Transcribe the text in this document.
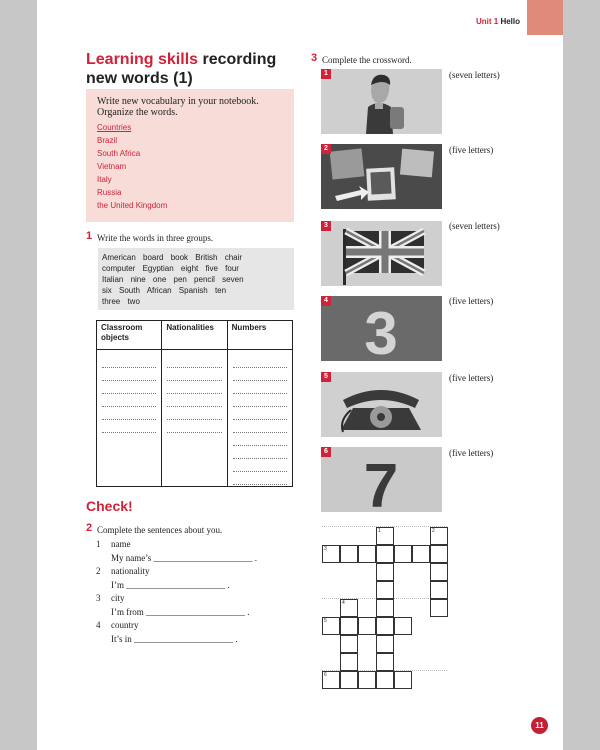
Unit 1 Hello
Learning skills recording new words (1)
Write new vocabulary in your notebook. Organize the words.
Countries
Brazil
South Africa
Vietnam
Italy
Russia
the United Kingdom
1 Write the words in three groups.
American board book British chair
computer Egyptian eight five four
Italian nine one pen pencil seven
six South African Spanish ten
three two
Classroom objects	Nationalities	Numbers

Check!
2 Complete the sentences about you.
1 name
My name’s ______________________ .
2 nationality
I’m ______________________ .
3 city
I’m from ______________________ .
4 country
It’s in ______________________ .
3 Complete the crossword.
1	(seven letters)
2	(five letters)
3	(seven letters)
4 3	(five letters)
5	(five letters)
6
7	(five letters)
1	2
3
4
5
6
11
